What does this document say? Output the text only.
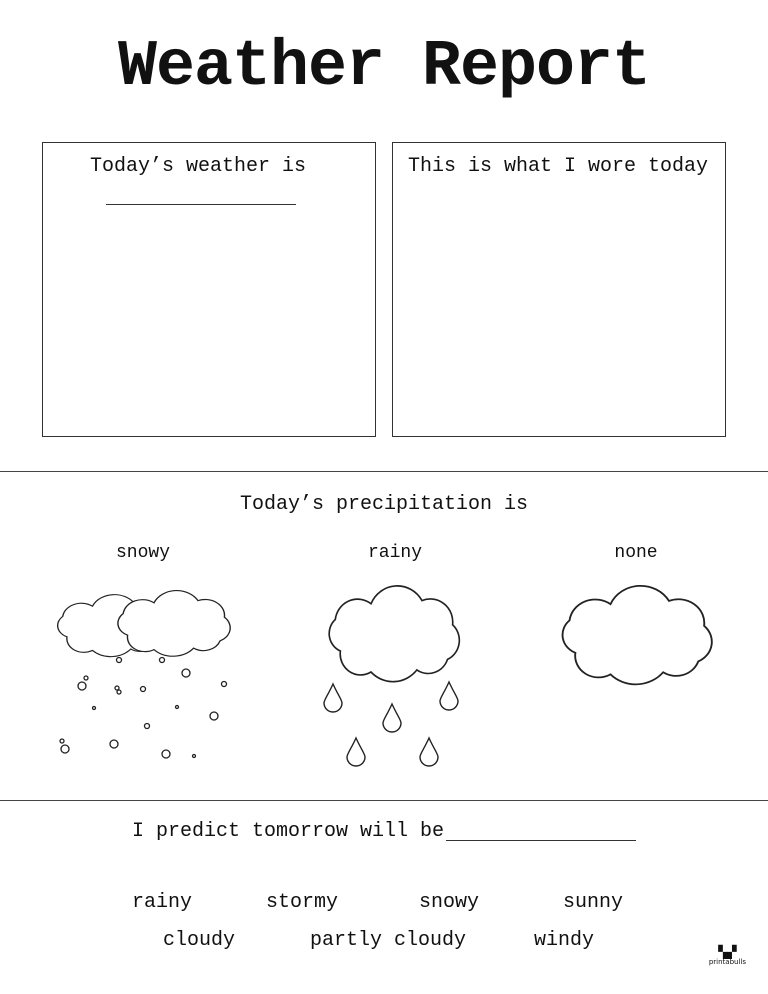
Weather Report
Today’s weather is	This is what I wore today
Today’s precipitation is
snowy	rainy	none
I predict tomorrow will be
rainy	stormy	snowy	sunny
cloudy	partly cloudy	windy	▚▞
printabulls
